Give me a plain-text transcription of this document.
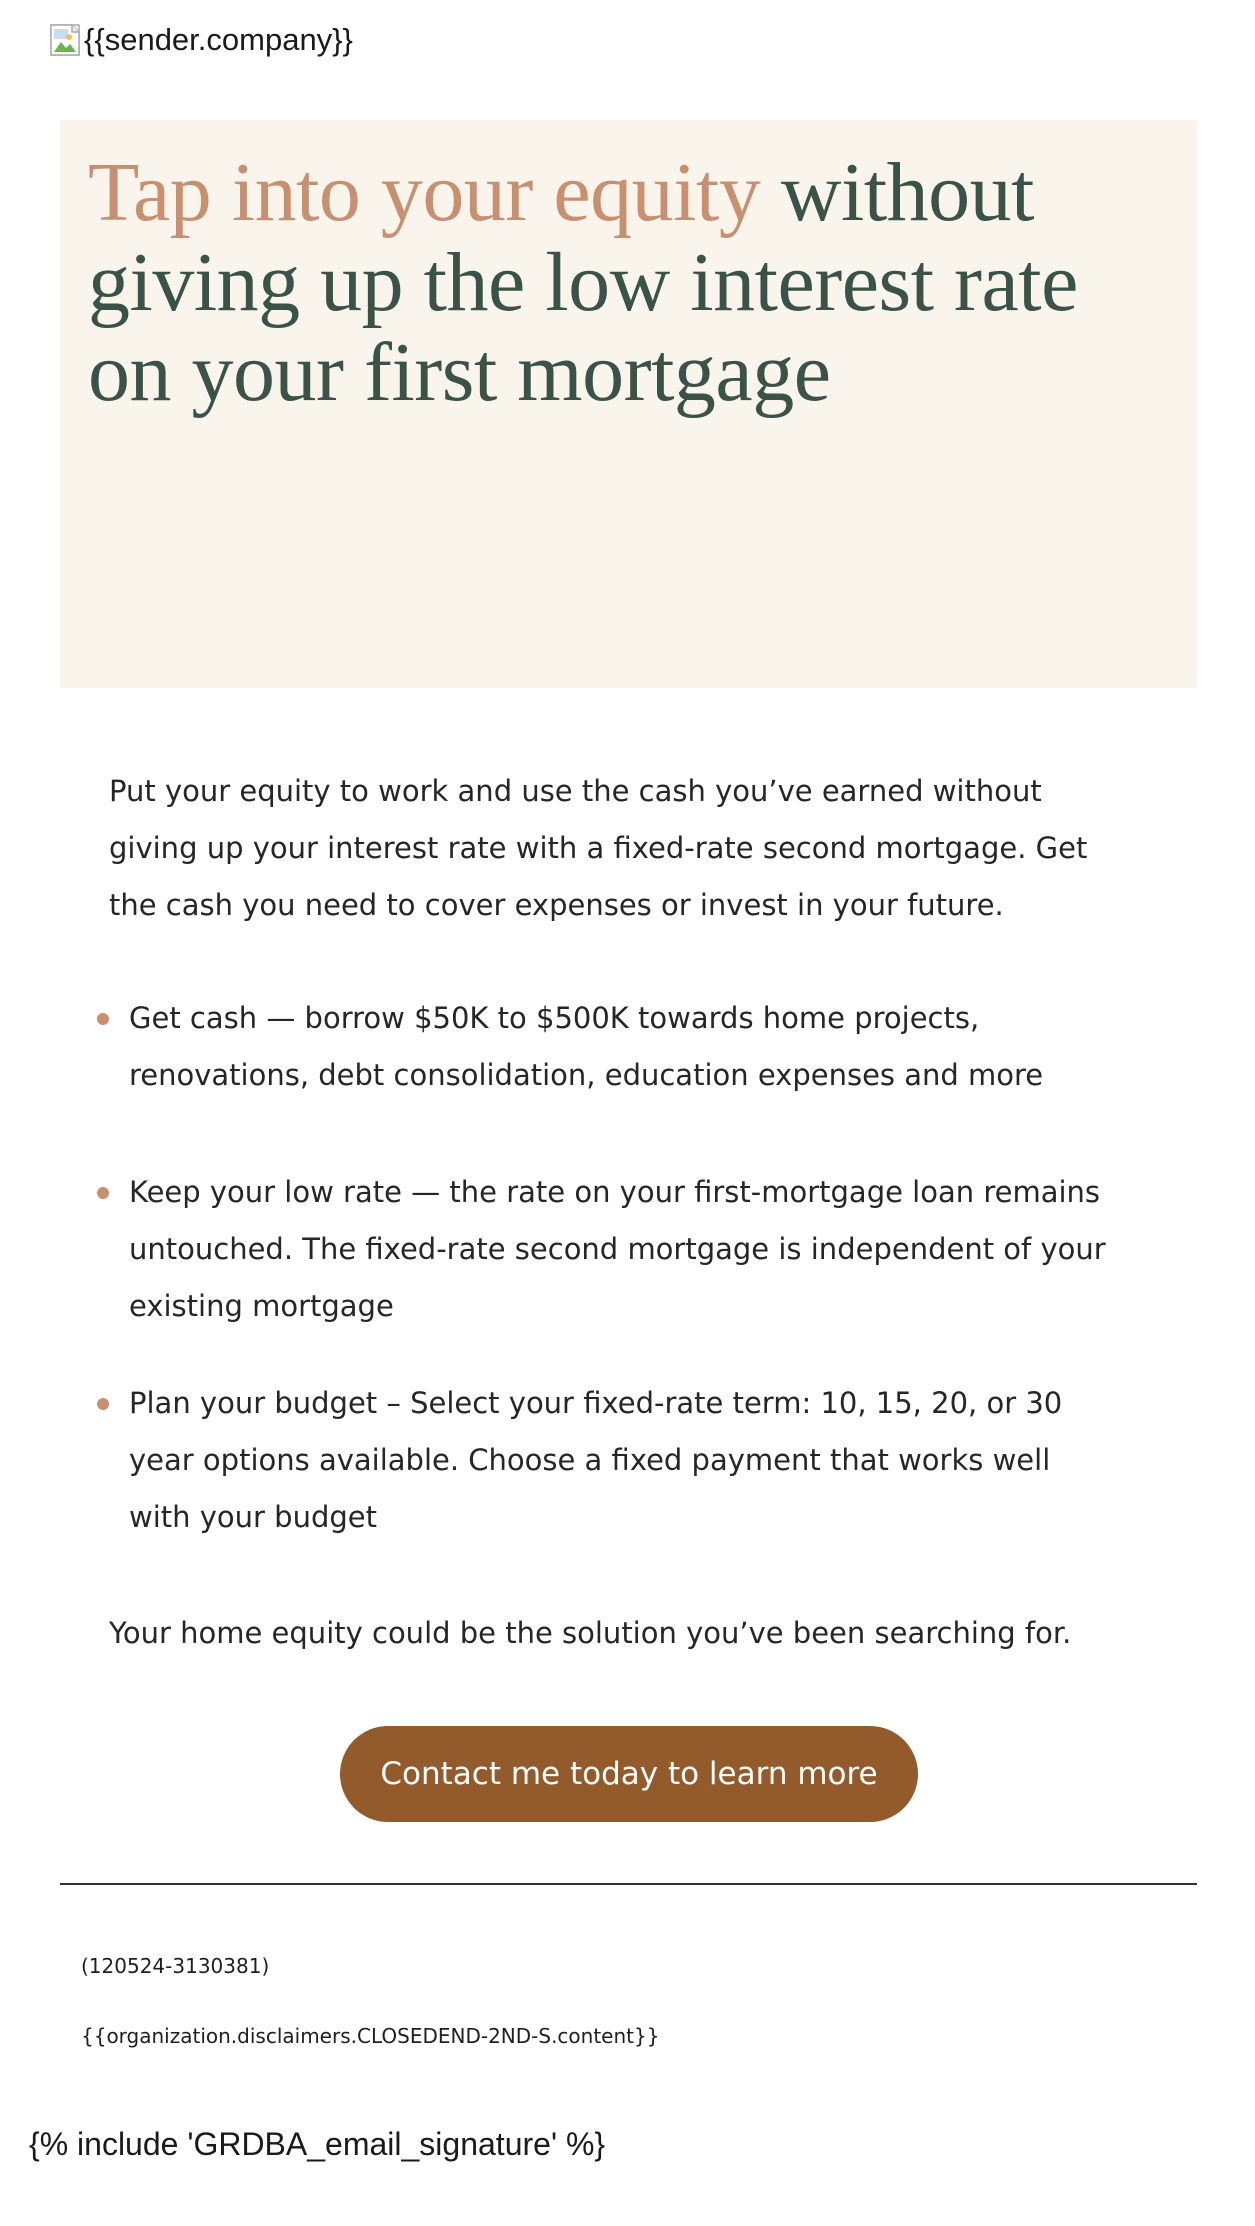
{{sender.company}}
Tap into your equity without giving up the low interest rate on your first mortgage

Put your equity to work and use the cash you’ve earned without giving up your interest rate with a fixed-rate second mortgage. Get the cash you need to cover expenses or invest in your future.

Get cash — borrow $50K to $500K towards home projects, renovations, debt consolidation, education expenses and more
Keep your low rate — the rate on your first-mortgage loan remains untouched. The fixed-rate second mortgage is independent of your existing mortgage
Plan your budget – Select your fixed-rate term: 10, 15, 20, or 30 year options available. Choose a fixed payment that works well with your budget

Your home equity could be the solution you’ve been searching for.

Contact me today to learn more
(120524-3130381)
{{organization.disclaimers.CLOSEDEND-2ND-S.content}}
{% include 'GRDBA_email_signature' %}
